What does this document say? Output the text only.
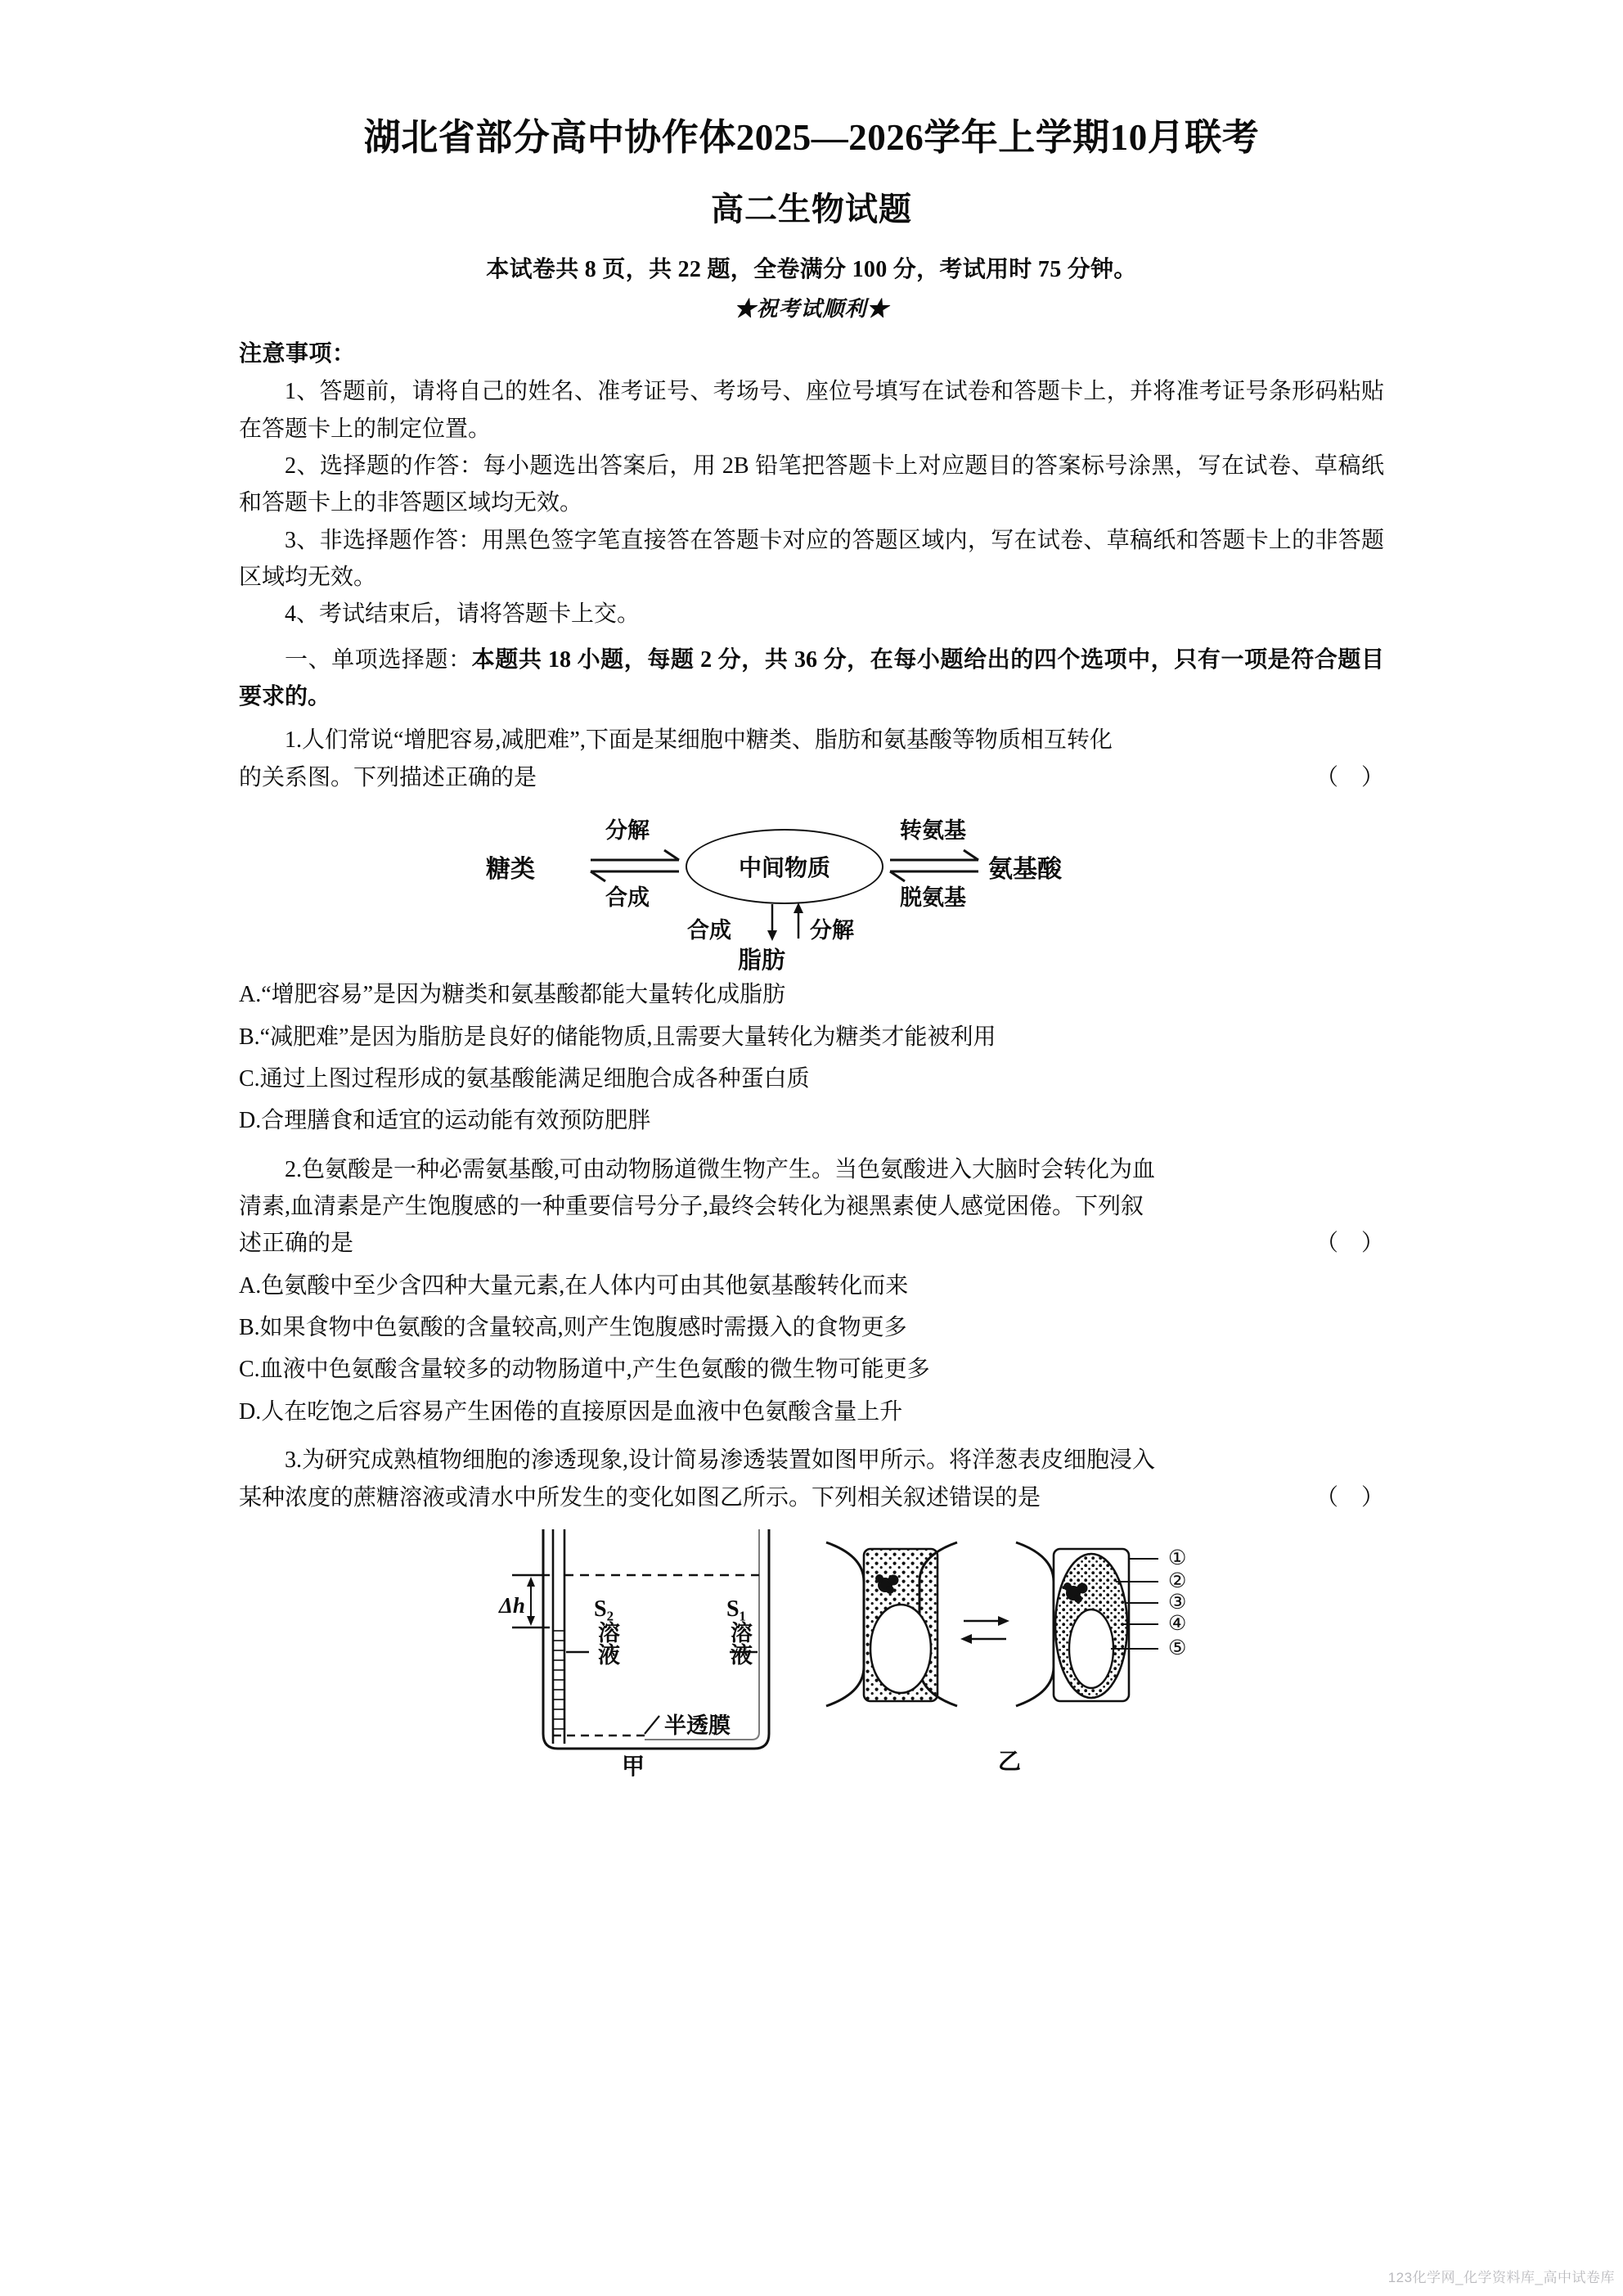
湖北省部分高中协作体2025—2026学年上学期10月联考
高二生物试题
本试卷共 8 页，共 22 题，全卷满分 100 分，考试用时 75 分钟。
★祝考试顺利★
注意事项：

1、答题前，请将自己的姓名、准考证号、考场号、座位号填写在试卷和答题卡上，并将准考证号条形码粘贴在答题卡上的制定位置。

2、选择题的作答：每小题选出答案后，用 2B 铅笔把答题卡上对应题目的答案标号涂黑，写在试卷、草稿纸和答题卡上的非答题区域均无效。

3、非选择题作答：用黑色签字笔直接答在答题卡对应的答题区域内，写在试卷、草稿纸和答题卡上的非答题区域均无效。

4、考试结束后，请将答题卡上交。

一、单项选择题：本题共 18 小题，每题 2 分，共 36 分，在每小题给出的四个选项中，只有一项是符合题目要求的。

1.人们常说“增肥容易,减肥难”,下面是某细胞中糖类、脂肪和氨基酸等物质相互转化

的关系图。下列描述正确的是	（    ）
糖类
分解
合成
中间物质
转氨基
脱氨基
氨基酸
合成	分解
脂肪

A.“增肥容易”是因为糖类和氨基酸都能大量转化成脂肪

B.“减肥难”是因为脂肪是良好的储能物质,且需要大量转化为糖类才能被利用

C.通过上图过程形成的氨基酸能满足细胞合成各种蛋白质

D.合理膳食和适宜的运动能有效预防肥胖

2.色氨酸是一种必需氨基酸,可由动物肠道微生物产生。当色氨酸进入大脑时会转化为血

清素,血清素是产生饱腹感的一种重要信号分子,最终会转化为褪黑素使人感觉困倦。下列叙

述正确的是	（    ）

A.色氨酸中至少含四种大量元素,在人体内可由其他氨基酸转化而来

B.如果食物中色氨酸的含量较高,则产生饱腹感时需摄入的食物更多

C.血液中色氨酸含量较多的动物肠道中,产生色氨酸的微生物可能更多

D.人在吃饱之后容易产生困倦的直接原因是血液中色氨酸含量上升

3.为研究成熟植物细胞的渗透现象,设计简易渗透装置如图甲所示。将洋葱表皮细胞浸入

某种浓度的蔗糖溶液或清水中所发生的变化如图乙所示。下列相关叙述错误的是	（    ）
Δh	S₂
溶液
S₁
溶液
半透膜
甲
①
②
③
④
⑤
乙
123化学网_化学资料库_高中试卷库
